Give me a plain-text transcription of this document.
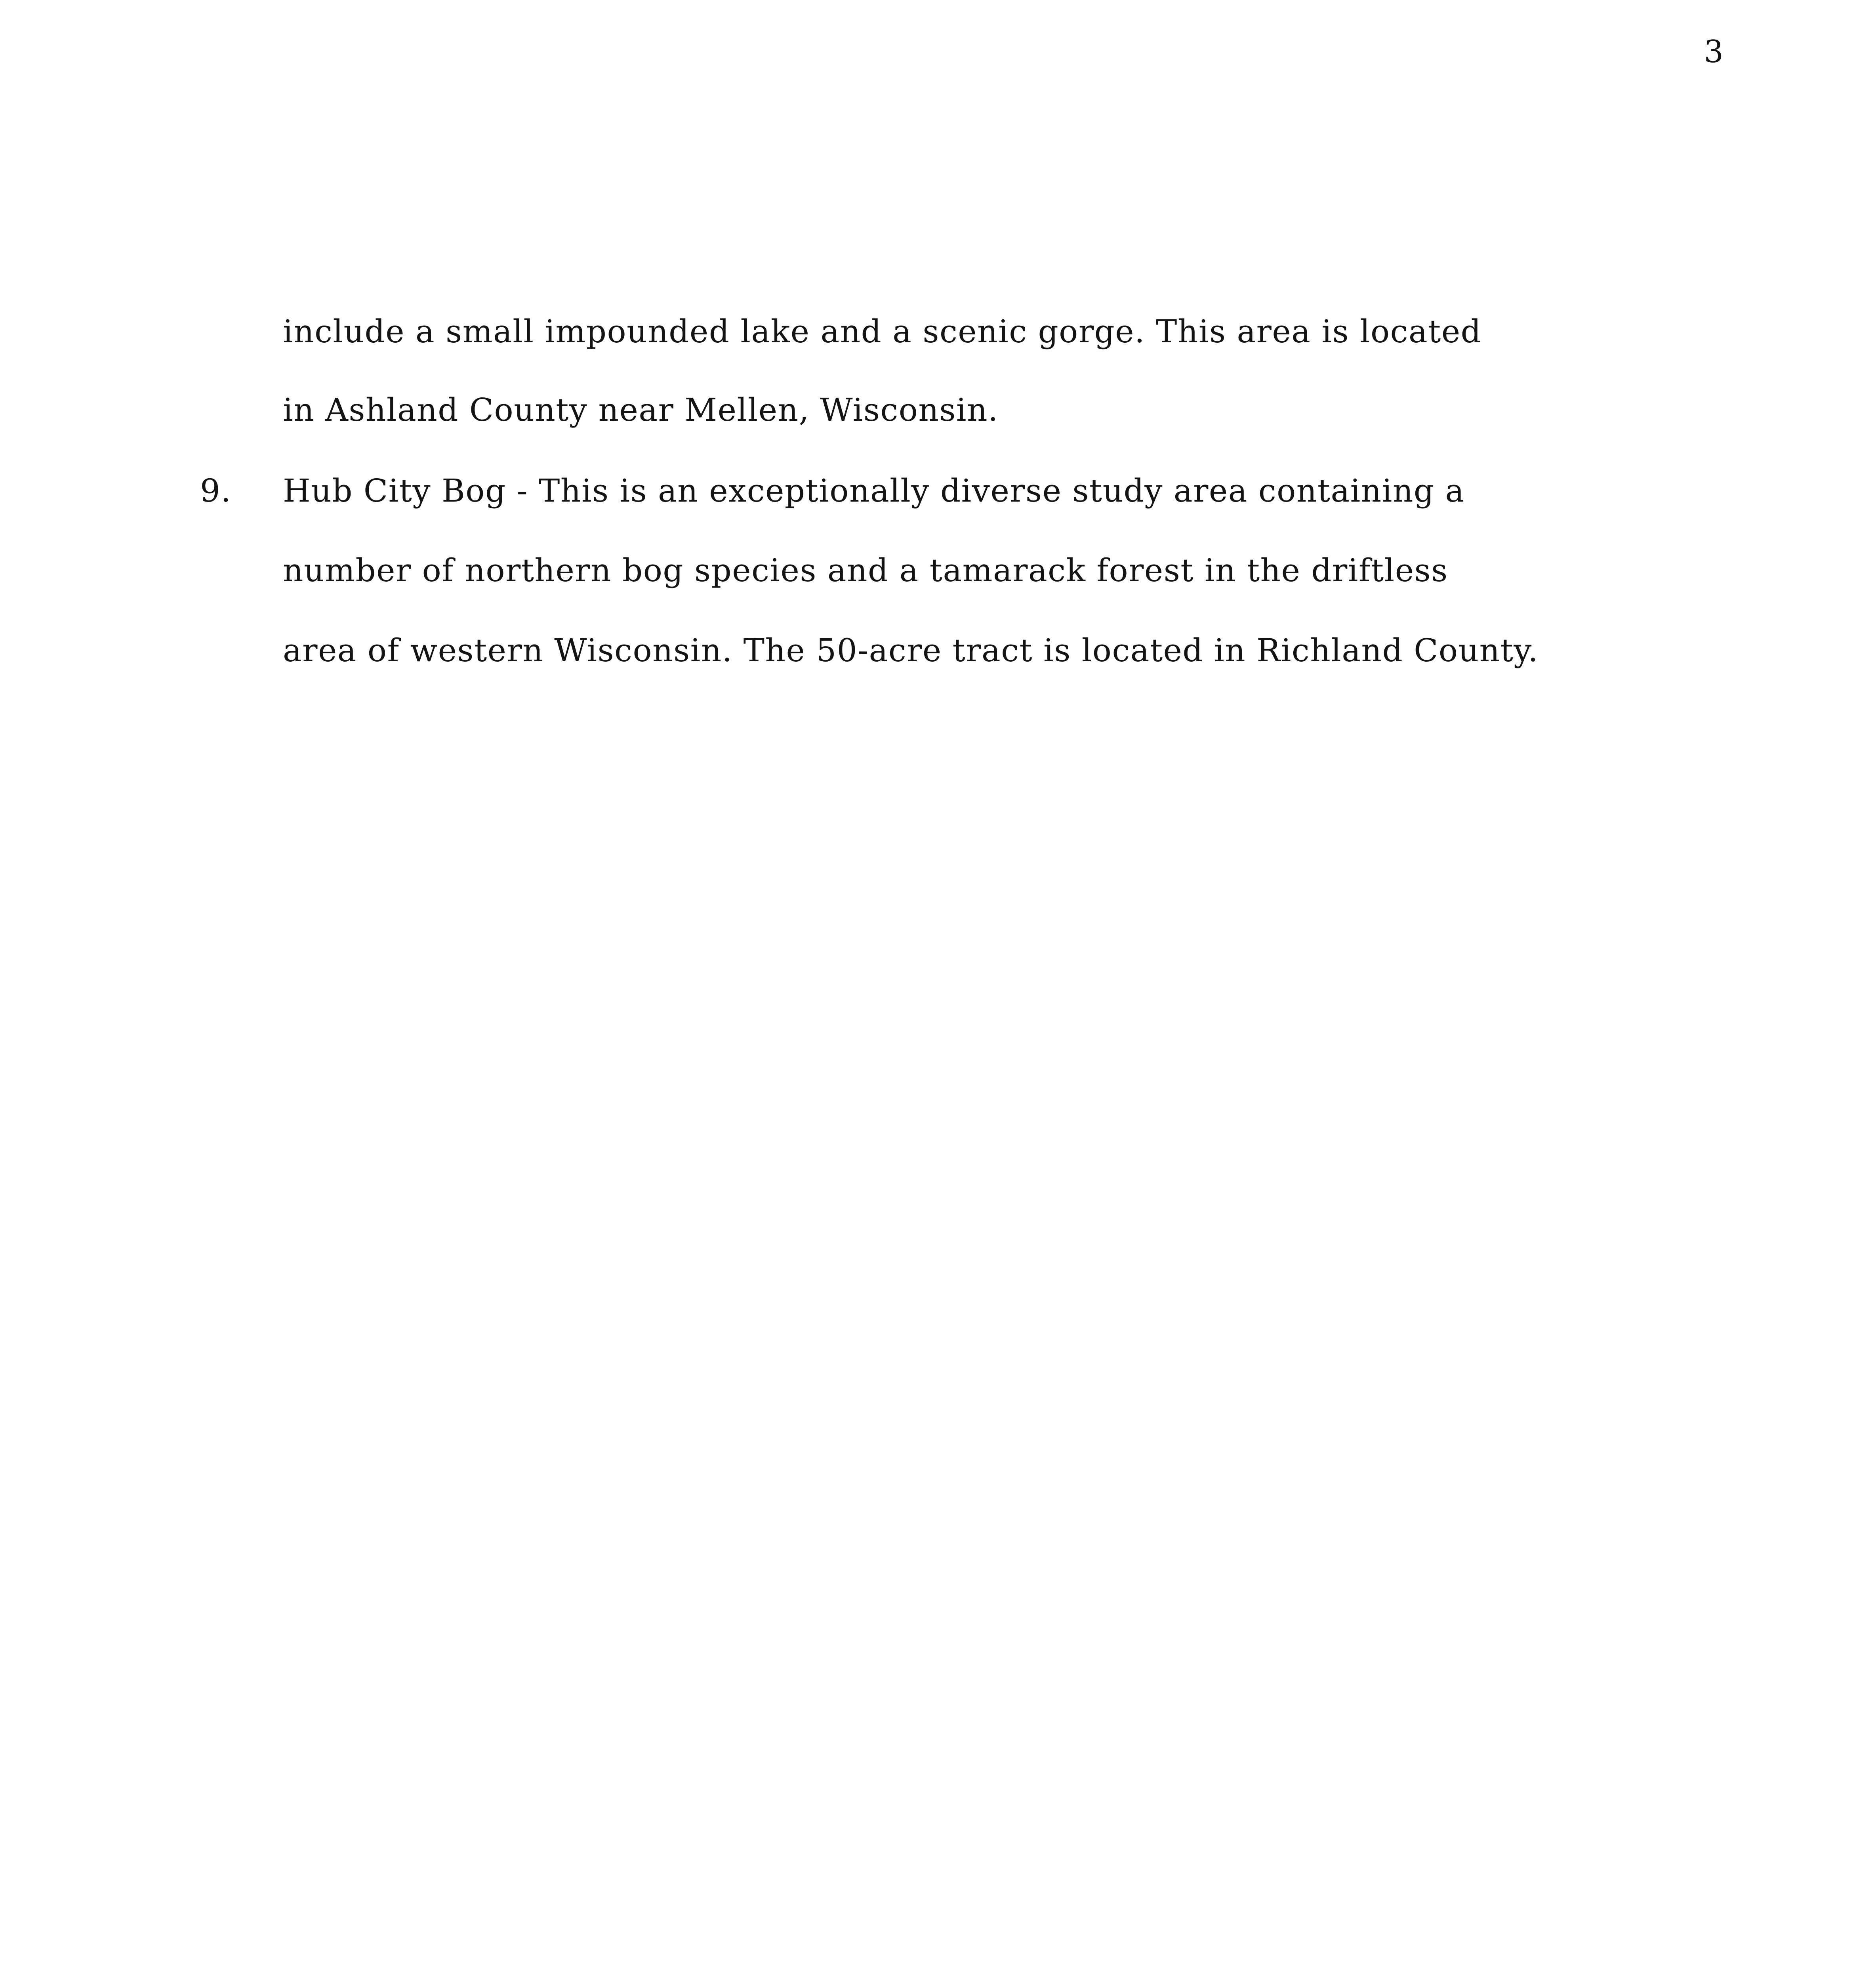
3
include a small impounded lake and a scenic gorge. This area is located
in Ashland County near Mellen, Wisconsin.
9. Hub City Bog - This is an exceptionally diverse study area containing a
number of northern bog species and a tamarack forest in the driftless
area of western Wisconsin. The 50-acre tract is located in Richland County.
